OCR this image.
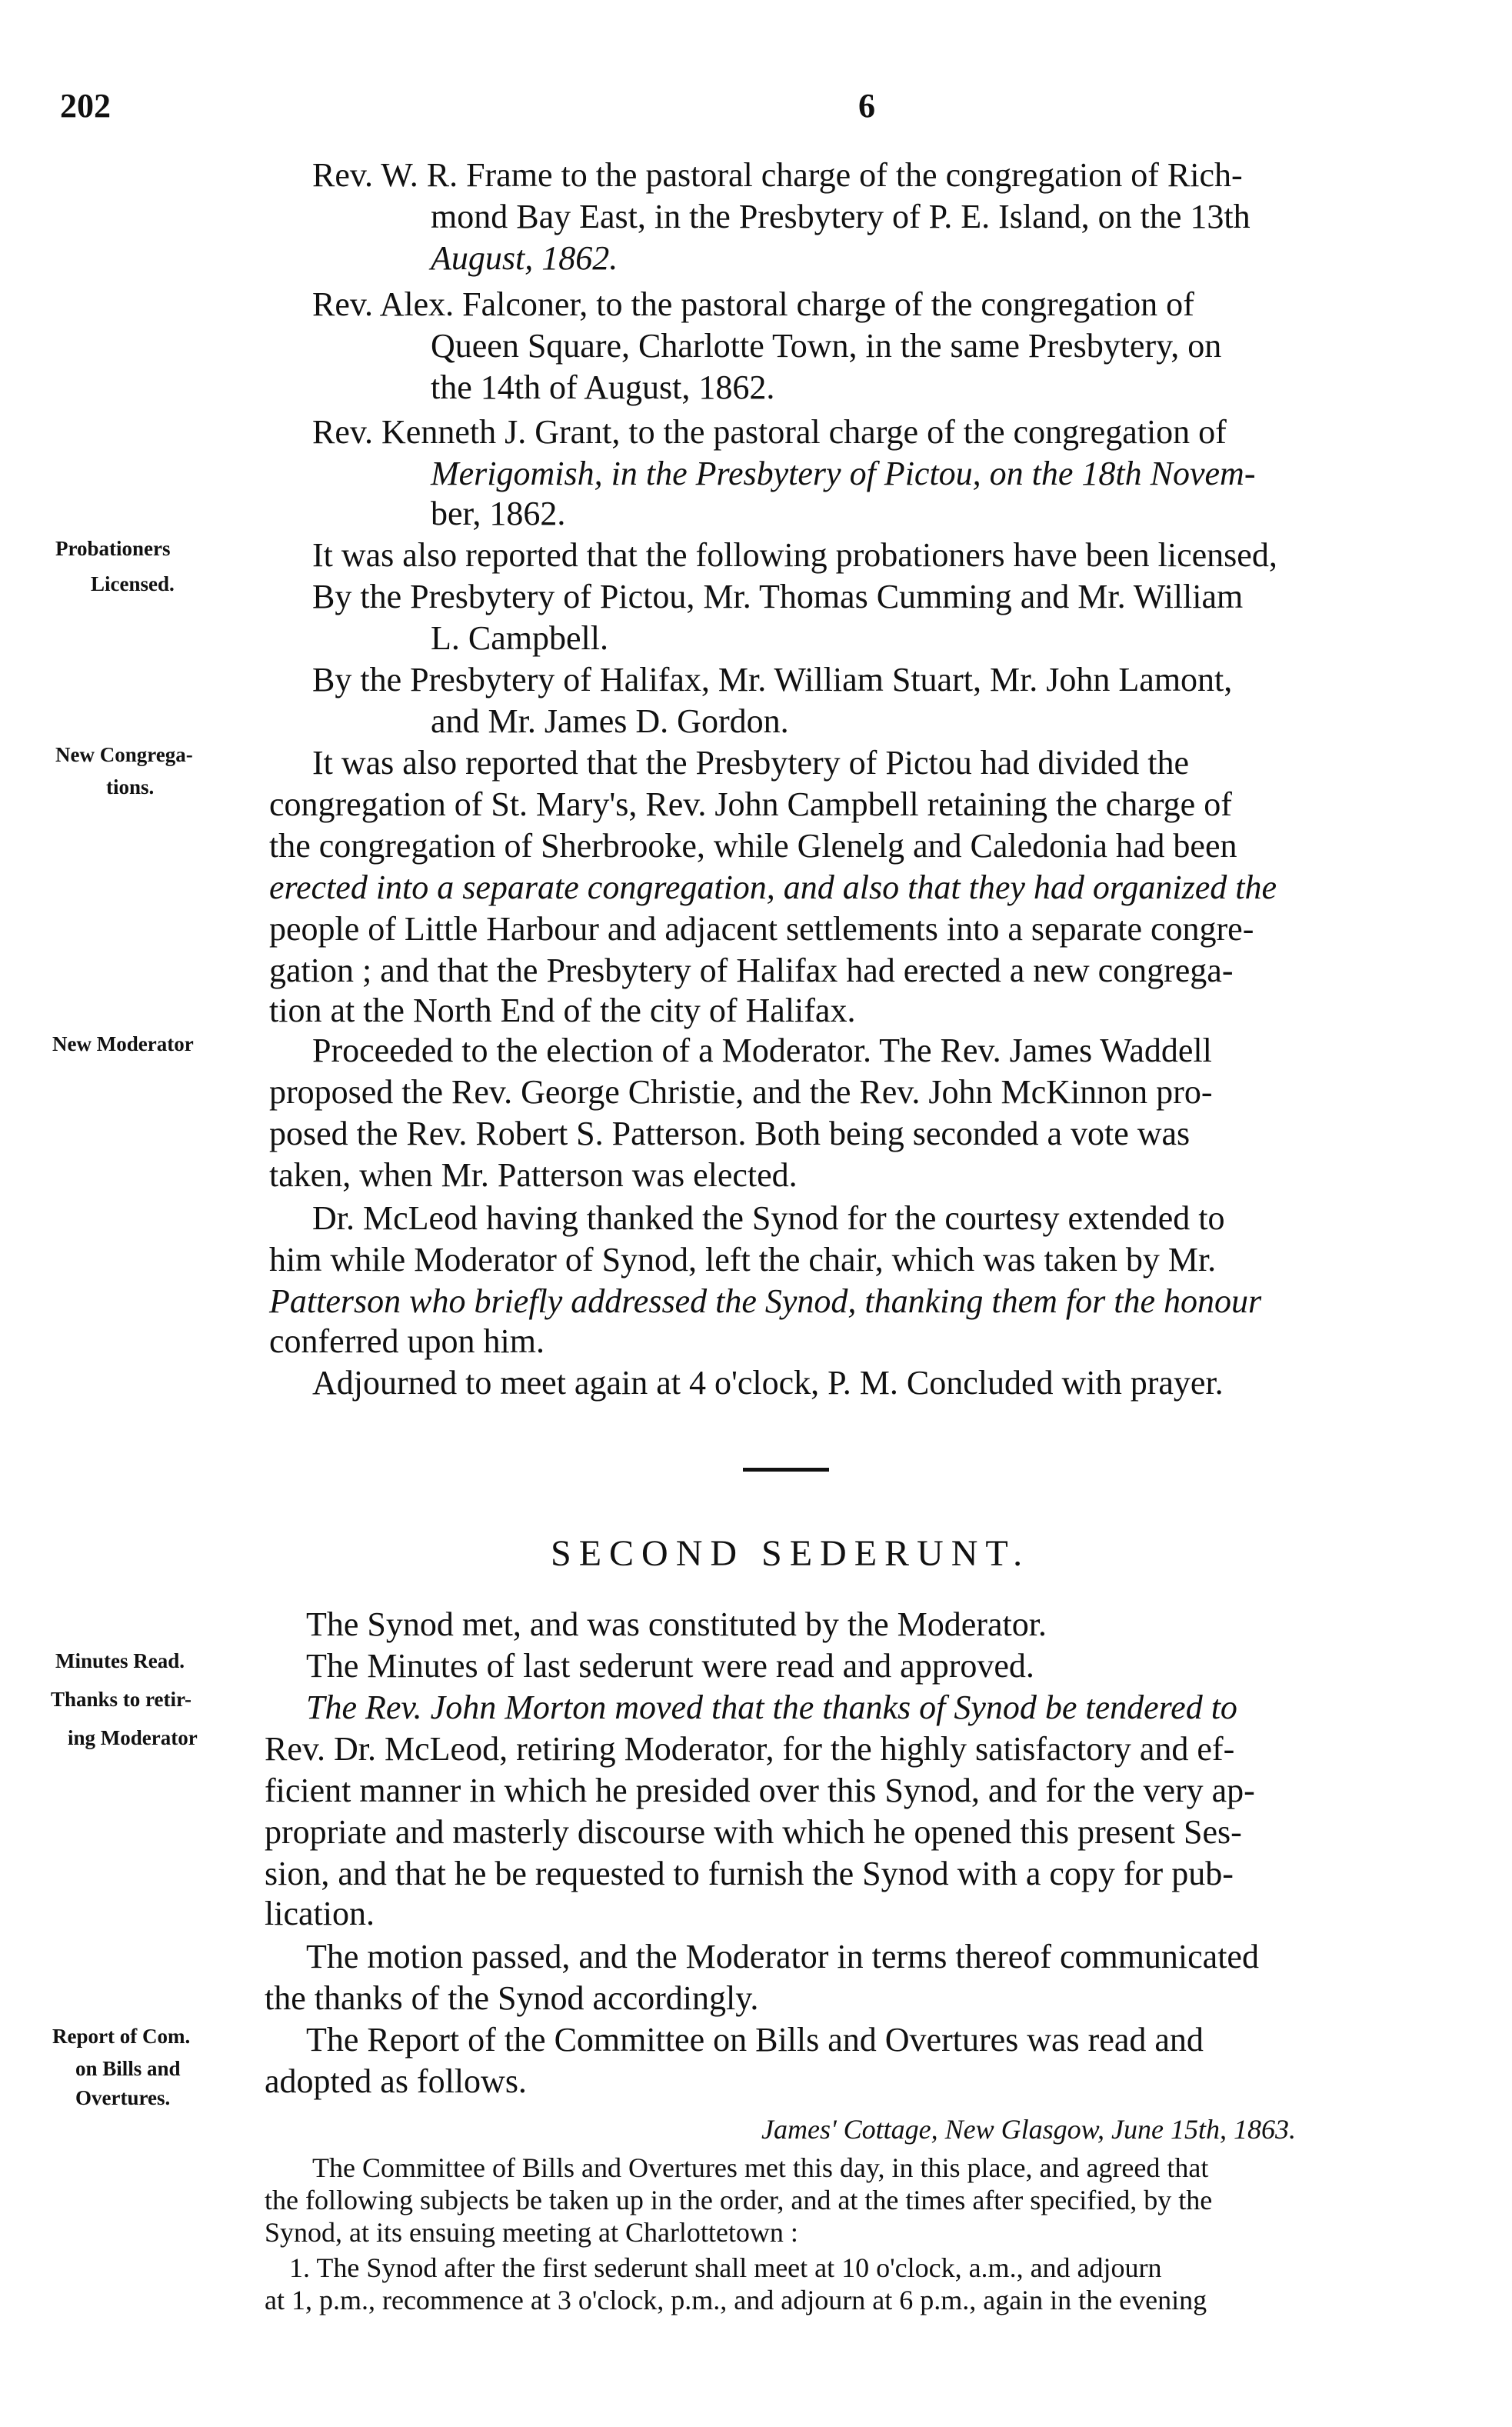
202	6
Probationers
Licensed.
New Congrega-
tions.
New Moderator
Minutes Read.
Thanks to retir-
ing Moderator
Report of Com.
on Bills and
Overtures.
Rev. W. R. Frame to the pastoral charge of the congregation of Rich-
mond Bay East, in the Presbytery of P. E. Island, on the 13th
August, 1862.
Rev. Alex. Falconer, to the pastoral charge of the congregation of
Queen Square, Charlotte Town, in the same Presbytery, on
the 14th of August, 1862.
Rev. Kenneth J. Grant, to the pastoral charge of the congregation of
Merigomish, in the Presbytery of Pictou, on the 18th Novem-
ber, 1862.
It was also reported that the following probationers have been licensed,
By the Presbytery of Pictou, Mr. Thomas Cumming and Mr. William
L. Campbell.
By the Presbytery of Halifax, Mr. William Stuart, Mr. John Lamont,
and Mr. James D. Gordon.
It was also reported that the Presbytery of Pictou had divided the
congregation of St. Mary's, Rev. John Campbell retaining the charge of
the congregation of Sherbrooke, while Glenelg and Caledonia had been
erected into a separate congregation, and also that they had organized the
people of Little Harbour and adjacent settlements into a separate congre-
gation ; and that the Presbytery of Halifax had erected a new congrega-
tion at the North End of the city of Halifax.
Proceeded to the election of a Moderator. The Rev. James Waddell
proposed the Rev. George Christie, and the Rev. John McKinnon pro-
posed the Rev. Robert S. Patterson. Both being seconded a vote was
taken, when Mr. Patterson was elected.
Dr. McLeod having thanked the Synod for the courtesy extended to
him while Moderator of Synod, left the chair, which was taken by Mr.
Patterson who briefly addressed the Synod, thanking them for the honour
conferred upon him.
Adjourned to meet again at 4 o'clock, P. M. Concluded with prayer.
SECOND SEDERUNT.
The Synod met, and was constituted by the Moderator.
The Minutes of last sederunt were read and approved.
The Rev. John Morton moved that the thanks of Synod be tendered to
Rev. Dr. McLeod, retiring Moderator, for the highly satisfactory and ef-
ficient manner in which he presided over this Synod, and for the very ap-
propriate and masterly discourse with which he opened this present Ses-
sion, and that he be requested to furnish the Synod with a copy for pub-
lication.
The motion passed, and the Moderator in terms thereof communicated
the thanks of the Synod accordingly.
The Report of the Committee on Bills and Overtures was read and
adopted as follows.
James' Cottage, New Glasgow, June 15th, 1863.
The Committee of Bills and Overtures met this day, in this place, and agreed that
the following subjects be taken up in the order, and at the times after specified, by the
Synod, at its ensuing meeting at Charlottetown :
1. The Synod after the first sederunt shall meet at 10 o'clock, a.m., and adjourn
at 1, p.m., recommence at 3 o'clock, p.m., and adjourn at 6 p.m., again in the evening
